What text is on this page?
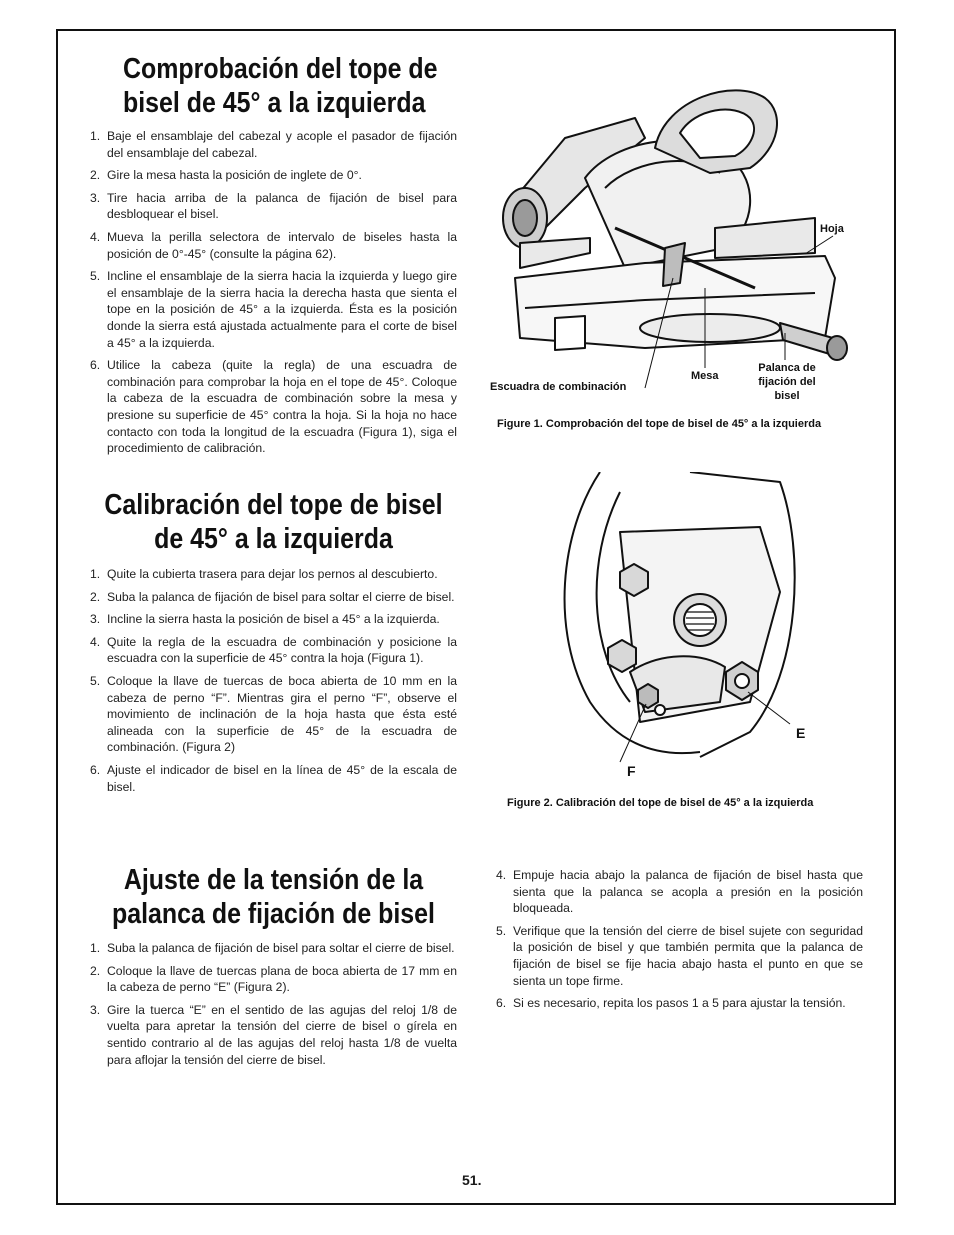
Comprobación del tope de
bisel de 45° a la izquierda
1. Baje el ensamblaje del cabezal y acople el pasador de fijación del ensamblaje del cabezal.
2. Gire la mesa hasta la posición de inglete de 0°.
3. Tire hacia arriba de la palanca de fijación de bisel para desbloquear el bisel.
4. Mueva la perilla selectora de intervalo de biseles hasta la posición de 0°-45° (consulte la página 62).
5. Incline el ensamblaje de la sierra hacia la izquierda y luego gire el ensamblaje de la sierra hacia la derecha hasta que sienta el tope en la posición de 45° a la izquierda. Ésta es la posición donde la sierra está ajustada actualmente para el corte de bisel a 45° a la izquierda.
6. Utilice la cabeza (quite la regla) de una escuadra de combinación para comprobar la hoja en el tope de 45°. Coloque la cabeza de la escuadra de combinación sobre la mesa y presione su superficie de 45° contra la hoja. Si la hoja no hace contacto con toda la longitud de la escuadra (Figura 1), siga el procedimiento de calibración.
Calibración del tope de bisel
de 45° a la izquierda
1. Quite la cubierta trasera para dejar los pernos al descubierto.
2. Suba la palanca de fijación de bisel para soltar el cierre de bisel.
3. Incline la sierra hasta la posición de bisel a 45° a la izquierda.
4. Quite la regla de la escuadra de combinación y posicione la escuadra con la superficie de 45° contra la hoja (Figura 1).
5. Coloque la llave de tuercas de boca abierta de 10 mm en la cabeza de perno “F”. Mientras gira el perno “F”, observe el movimiento de inclinación de la hoja hasta que ésta esté alineada con la superficie de 45° de la escuadra de combinación. (Figura 2)
6. Ajuste el indicador de bisel en la línea de 45° de la escala de bisel.
Ajuste de la tensión de la
palanca de fijación de bisel
1. Suba la palanca de fijación de bisel para soltar el cierre de bisel.
2. Coloque la llave de tuercas plana de boca abierta de 17 mm en la cabeza de perno “E” (Figura 2).
3. Gire la tuerca “E” en el sentido de las agujas del reloj 1/8 de vuelta para apretar la tensión del cierre de bisel o gírela en sentido contrario al de las agujas del reloj hasta 1/8 de vuelta para aflojar la tensión del cierre de bisel.
4. Empuje hacia abajo la palanca de fijación de bisel hasta que sienta que la palanca se acopla a presión en la posición bloqueada.
5. Verifique que la tensión del cierre de bisel sujete con seguridad la posición de bisel y que también permita que la palanca de fijación de bisel se fije hacia abajo hasta el punto en que se sienta un tope firme.
6. Si es necesario, repita los pasos 1 a 5 para ajustar la tensión.
Hoja
Escuadra de combinación
Mesa
Palanca de
fijación del
bisel
Figure 1. Comprobación del tope de bisel de 45° a la izquierda
E
F
Figure 2. Calibración del tope de bisel de 45° a la izquierda
51.
